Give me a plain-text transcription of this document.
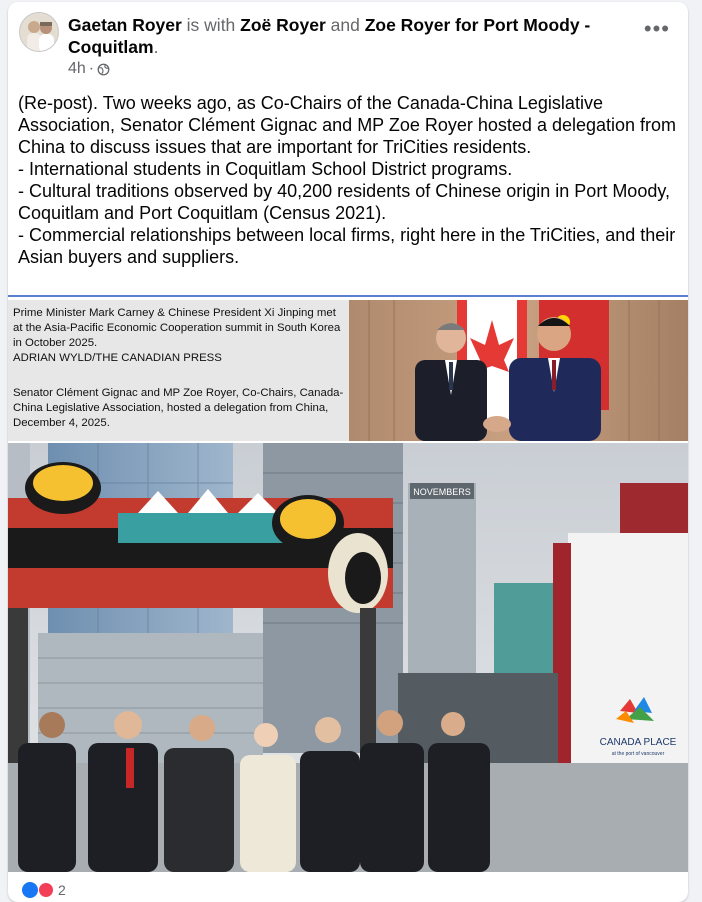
Gaetan Royer is with Zoë Royer and Zoe Royer for Port Moody - Coquitlam.
4h ·
•••

(Re-post). Two weeks ago, as Co-Chairs of the Canada-China Legislative Association, Senator Clément Gignac and MP Zoe Royer hosted a delegation from China to discuss issues that are important for TriCities residents.

- International students in Coquitlam School District programs.

- Cultural traditions observed by 40,200 residents of Chinese origin in Port Moody, Coquitlam and Port Coquitlam (Census 2021).

- Commercial relationships between local firms, right here in the TriCities, and their Asian buyers and suppliers.

Prime Minister Mark Carney & Chinese President Xi Jinping met at the Asia-Pacific Economic Cooperation summit in South Korea in October 2025.
ADRIAN WYLD/THE CANADIAN PRESS
Senator Clément Gignac and MP Zoe Royer, Co-Chairs, Canada-China Legislative Association, hosted a delegation from China, December 4, 2025.
NOVEMBERS
CANADA PLACE
at the port of vancouver
2
